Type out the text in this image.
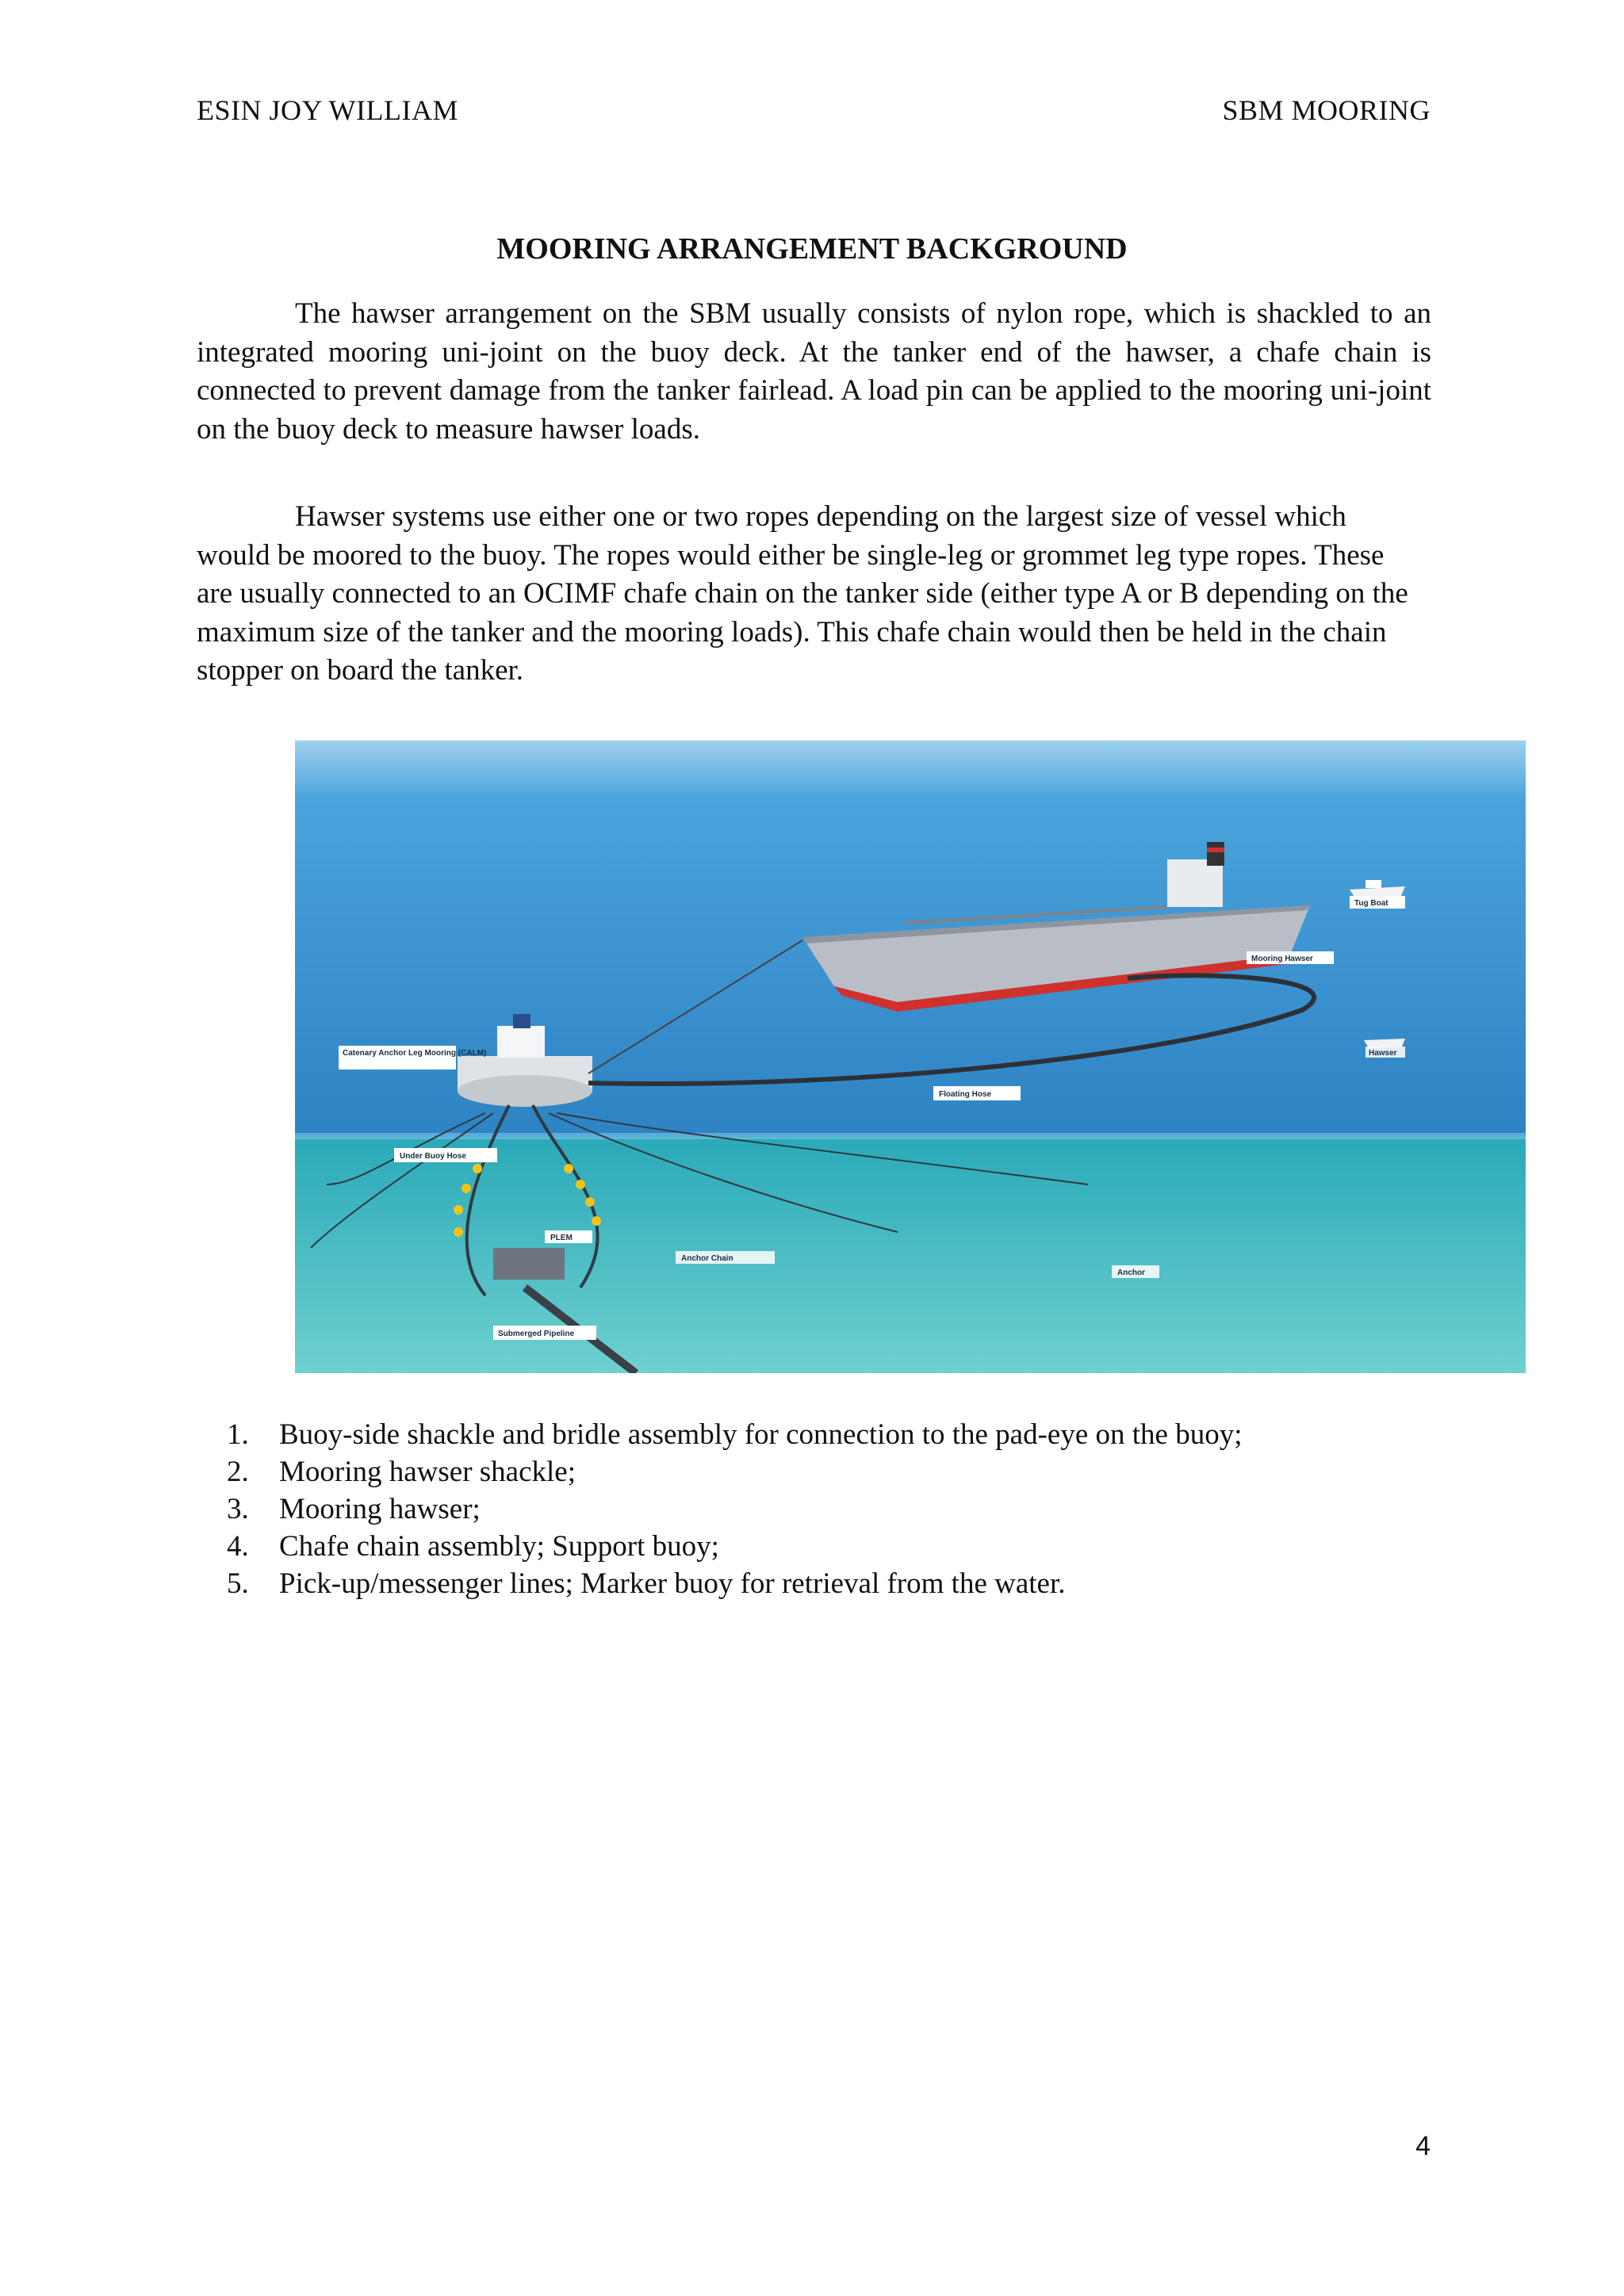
ESIN JOY WILLIAM	SBM MOORING
MOORING ARRANGEMENT BACKGROUND

The hawser arrangement on the SBM usually consists of nylon rope, which is shackled to an integrated mooring uni-joint on the buoy deck. At the tanker end of the hawser, a chafe chain is connected to prevent damage from the tanker fairlead. A load pin can be applied to the mooring uni-joint on the buoy deck to measure hawser loads.

Hawser systems use either one or two ropes depending on the largest size of vessel which would be moored to the buoy. The ropes would either be single-leg or grommet leg type ropes. These are usually connected to an OCIMF chafe chain on the tanker side (either type A or B depending on the maximum size of the tanker and the mooring loads). This chafe chain would then be held in the chain stopper on board the tanker.

Catenary Anchor Leg Mooring (CALM)
Floating Hose
Under Buoy Hose
PLEM
Anchor Chain
Anchor
Submerged Pipeline
Tug Boat
Mooring Hawser
Hawser
1.	Buoy-side shackle and bridle assembly for connection to the pad-eye on the buoy;
2.	Mooring hawser shackle;
3.	Mooring hawser;
4.	Chafe chain assembly; Support buoy;
5.	Pick-up/messenger lines; Marker buoy for retrieval from the water.
4
